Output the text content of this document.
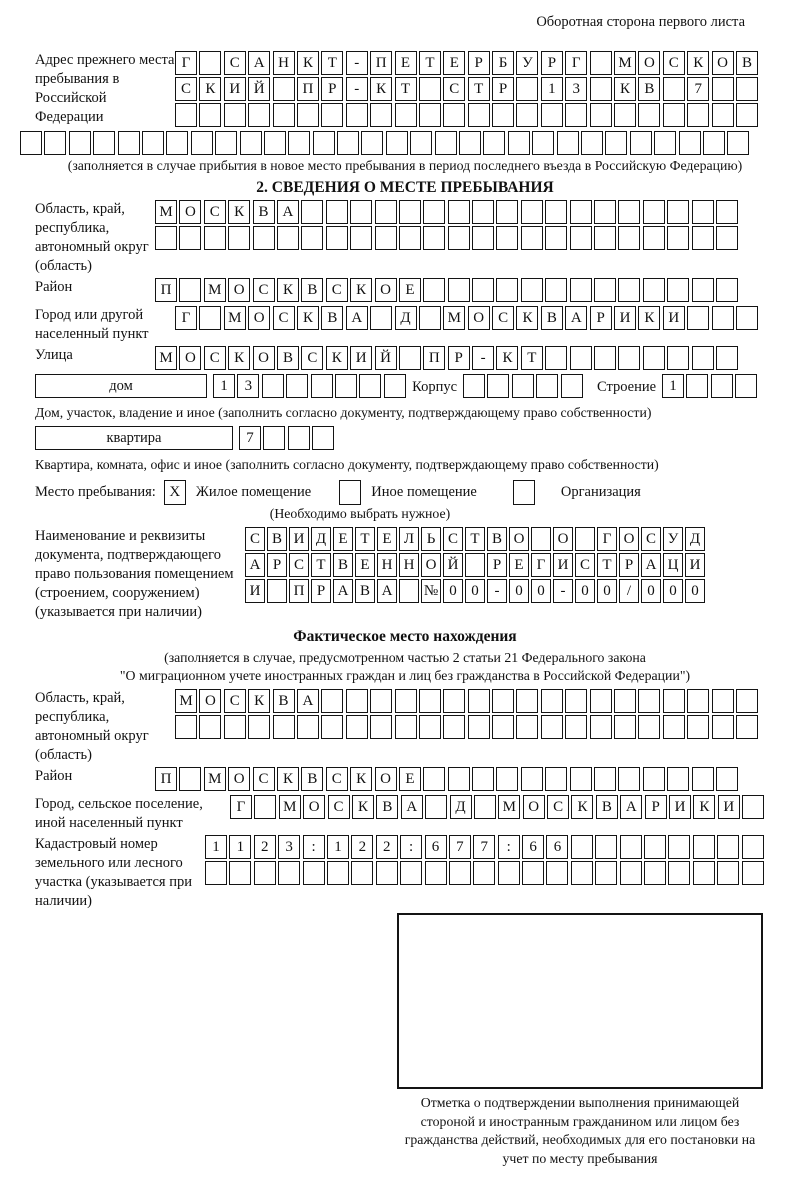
Оборотная сторона первого листа
Адрес прежнего места пребывания в Российской Федерации
Г	С А Н К Т - П Е Т Е Р Б У Р Г	М О С К О В
С К И Й	П Р - К Т	С Т Р	1 3	К В	7
(заполняется в случае прибытия в новое место пребывания в период последнего въезда в Российскую Федерацию)
2. СВЕДЕНИЯ О МЕСТЕ ПРЕБЫВАНИЯ
Область, край, республика, автономный округ (область)
М О С К В А
Район	П М О С К В С К О Е
Город или другой населенный пункт
Г	М О С К В А	Д М О С К В А Р И К И
Улица	М О С К О В С К И Й	П Р - К Т
дом	1 3	Корпус	Строение 1
Дом, участок, владение и иное (заполнить согласно документу, подтверждающему право собственности)
квартира	7
Квартира, комната, офис и иное (заполнить согласно документу, подтверждающему право собственности)
Место пребывания: X	Жилое помещение	Иное помещение	Организация
(Необходимо выбрать нужное)
Наименование и реквизиты документа, подтверждающего право пользования помещением (строением, сооружением) (указывается при наличии)
С В И Д Е Т Е Л Ь С Т В О О Г О С У Д
А Р С Т В Е Н Н О Й Р Е Г И С Т Р А Ц И
И П Р А В А № 0 0 - 0 0 - 0 0 / 0 0 0
Фактическое место нахождения
(заполняется в случае, предусмотренном частью 2 статьи 21 Федерального закона
"О миграционном учете иностранных граждан и лиц без гражданства в Российской Федерации")
Область, край, республика, автономный округ (область)
М О С К В А
Район	П М О С К В С К О Е
Город, сельское поселение, иной населенный пункт
Г	М О С К В А	Д М О С К В А Р И К И
Кадастровый номер земельного или лесного участка (указывается при наличии)
1 1 2 3 : 1 2 2 : 6 7 7 : 6 6
Отметка о подтверждении выполнения принимающей стороной и иностранным гражданином или лицом без гражданства действий, необходимых для его постановки на учет по месту пребывания
